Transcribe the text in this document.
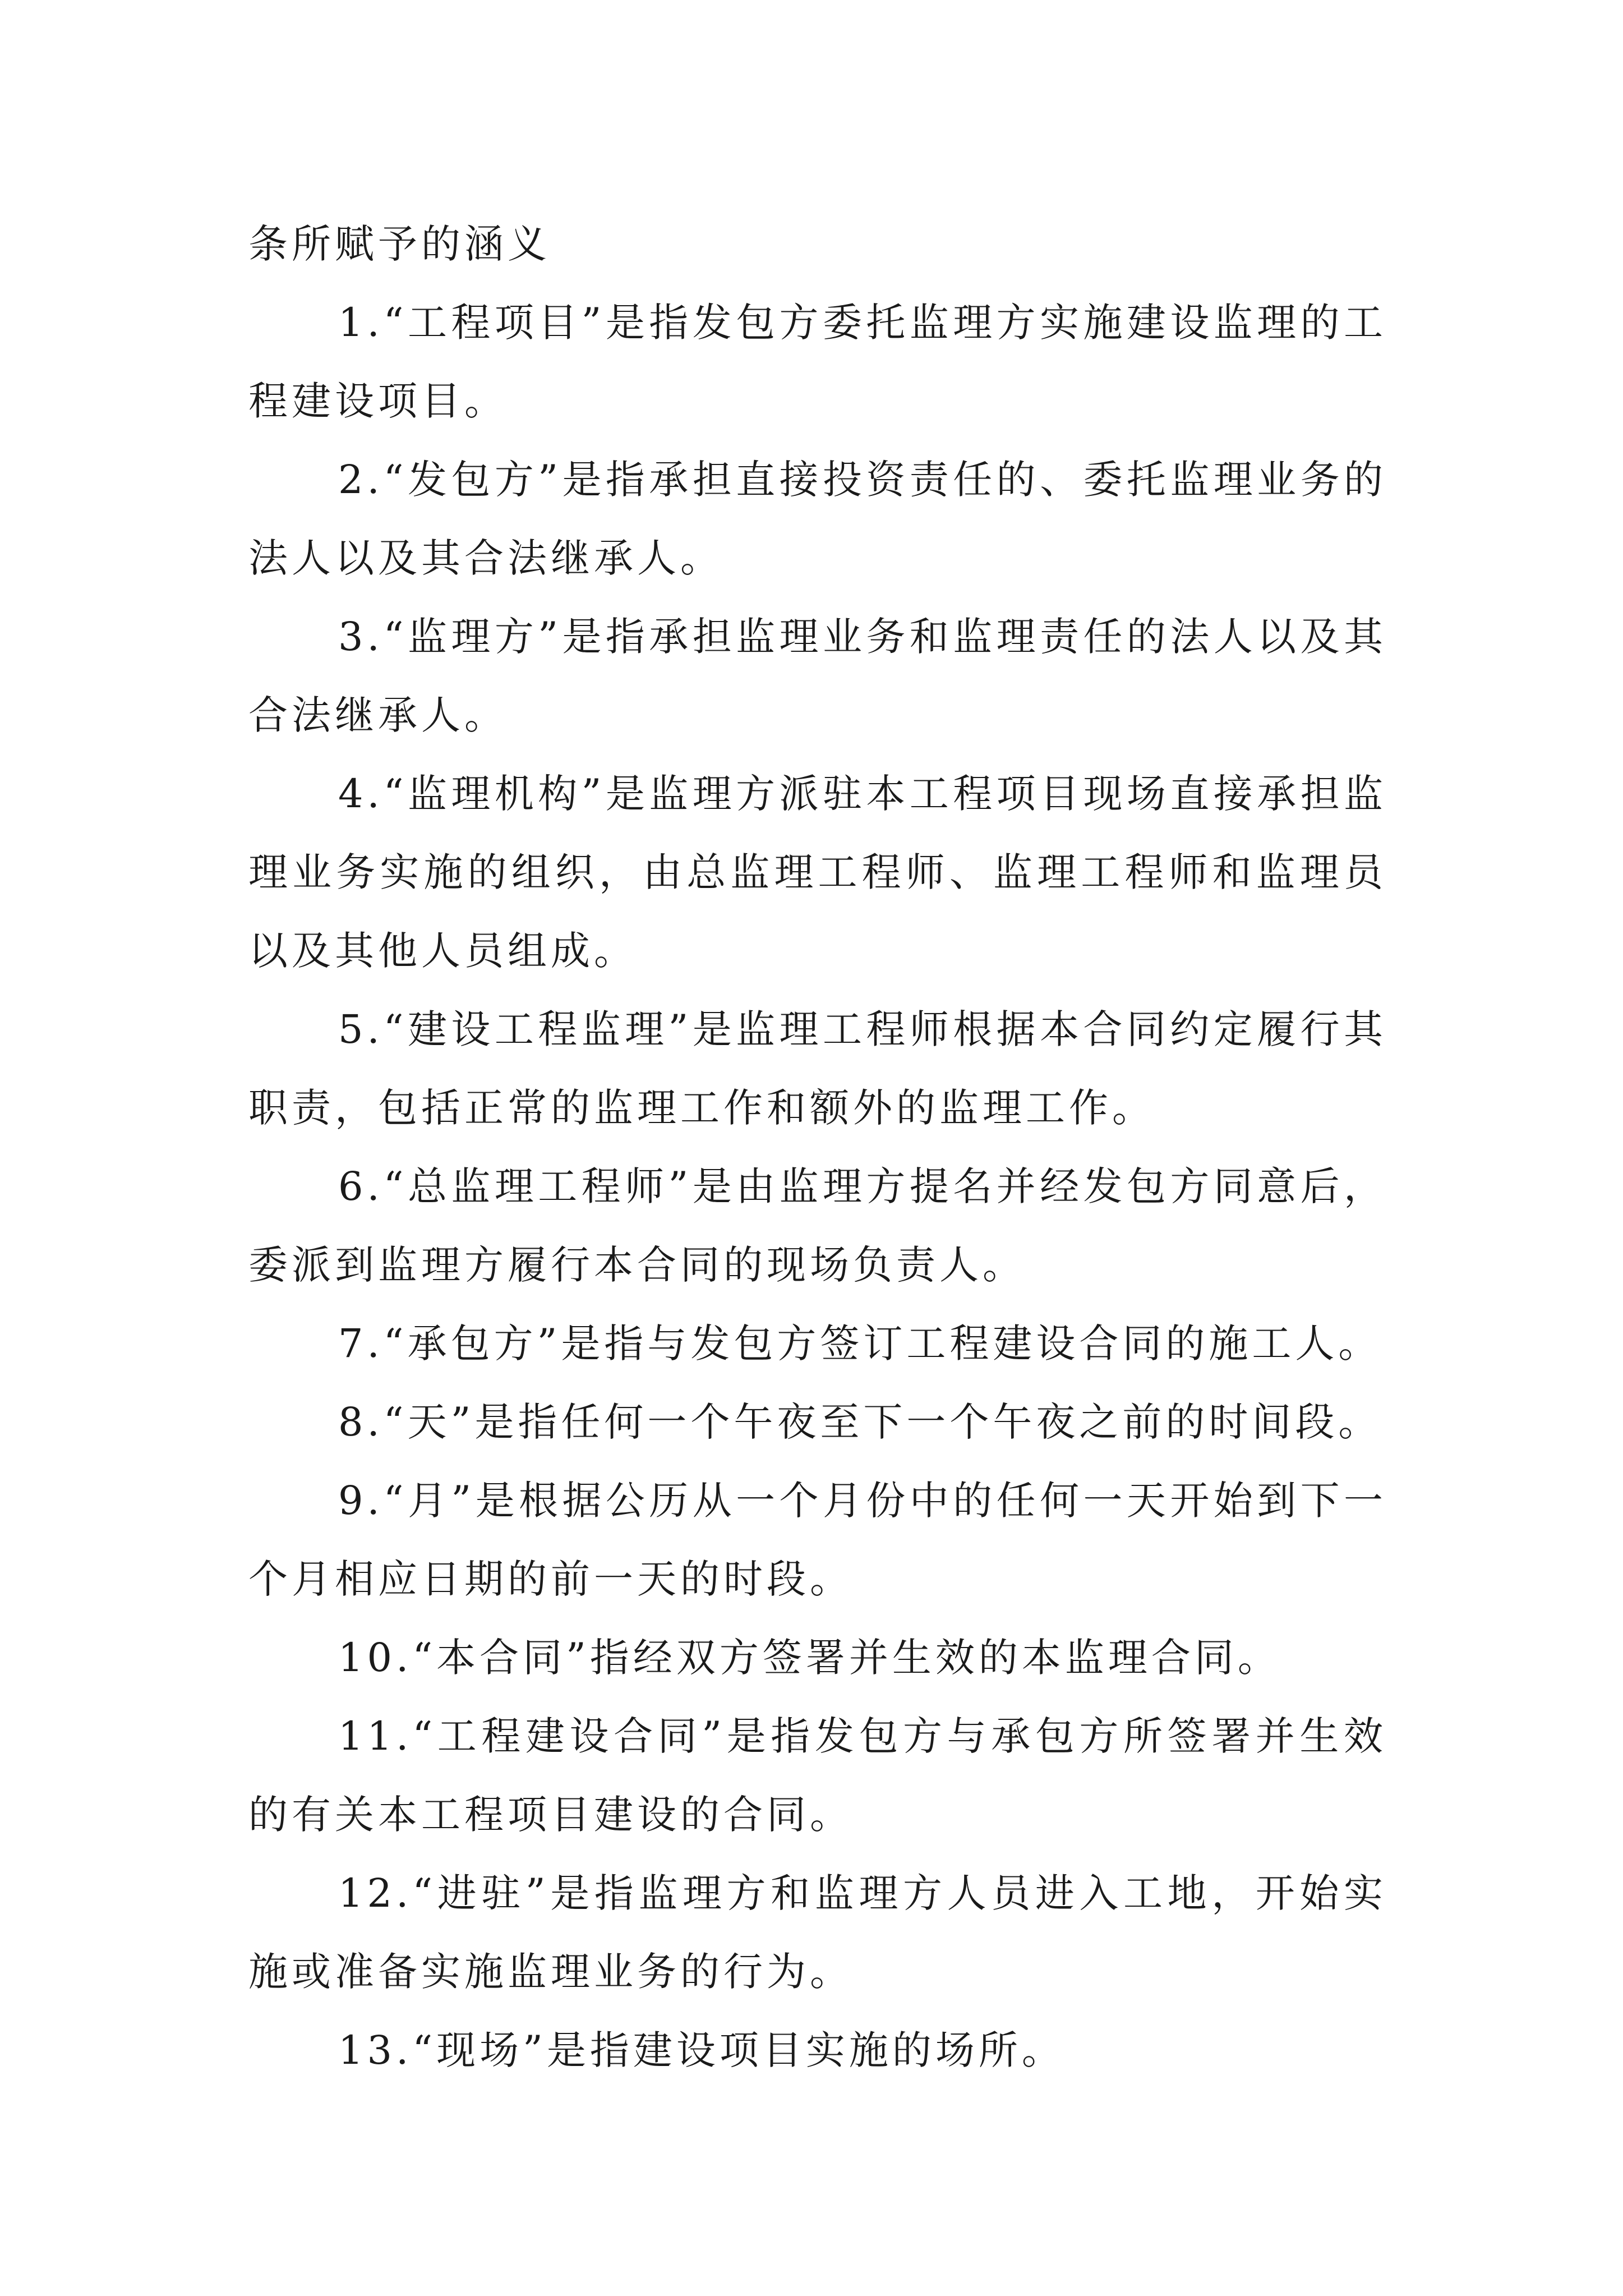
条所赋予的涵义

1.“工程项目”是指发包方委托监理方实施建设监理的工程建设项目。

2.“发包方”是指承担直接投资责任的、委托监理业务的法人以及其合法继承人。

3.“监理方”是指承担监理业务和监理责任的法人以及其合法继承人。

4.“监理机构”是监理方派驻本工程项目现场直接承担监理业务实施的组织，由总监理工程师、监理工程师和监理员以及其他人员组成。

5.“建设工程监理”是监理工程师根据本合同约定履行其职责，包括正常的监理工作和额外的监理工作。

6.“总监理工程师”是由监理方提名并经发包方同意后，委派到监理方履行本合同的现场负责人。

7.“承包方”是指与发包方签订工程建设合同的施工人。

8.“天”是指任何一个午夜至下一个午夜之前的时间段。

9.“月”是根据公历从一个月份中的任何一天开始到下一个月相应日期的前一天的时段。

10.“本合同”指经双方签署并生效的本监理合同。

11.“工程建设合同”是指发包方与承包方所签署并生效的有关本工程项目建设的合同。

12.“进驻”是指监理方和监理方人员进入工地，开始实施或准备实施监理业务的行为。

13.“现场”是指建设项目实施的场所。
